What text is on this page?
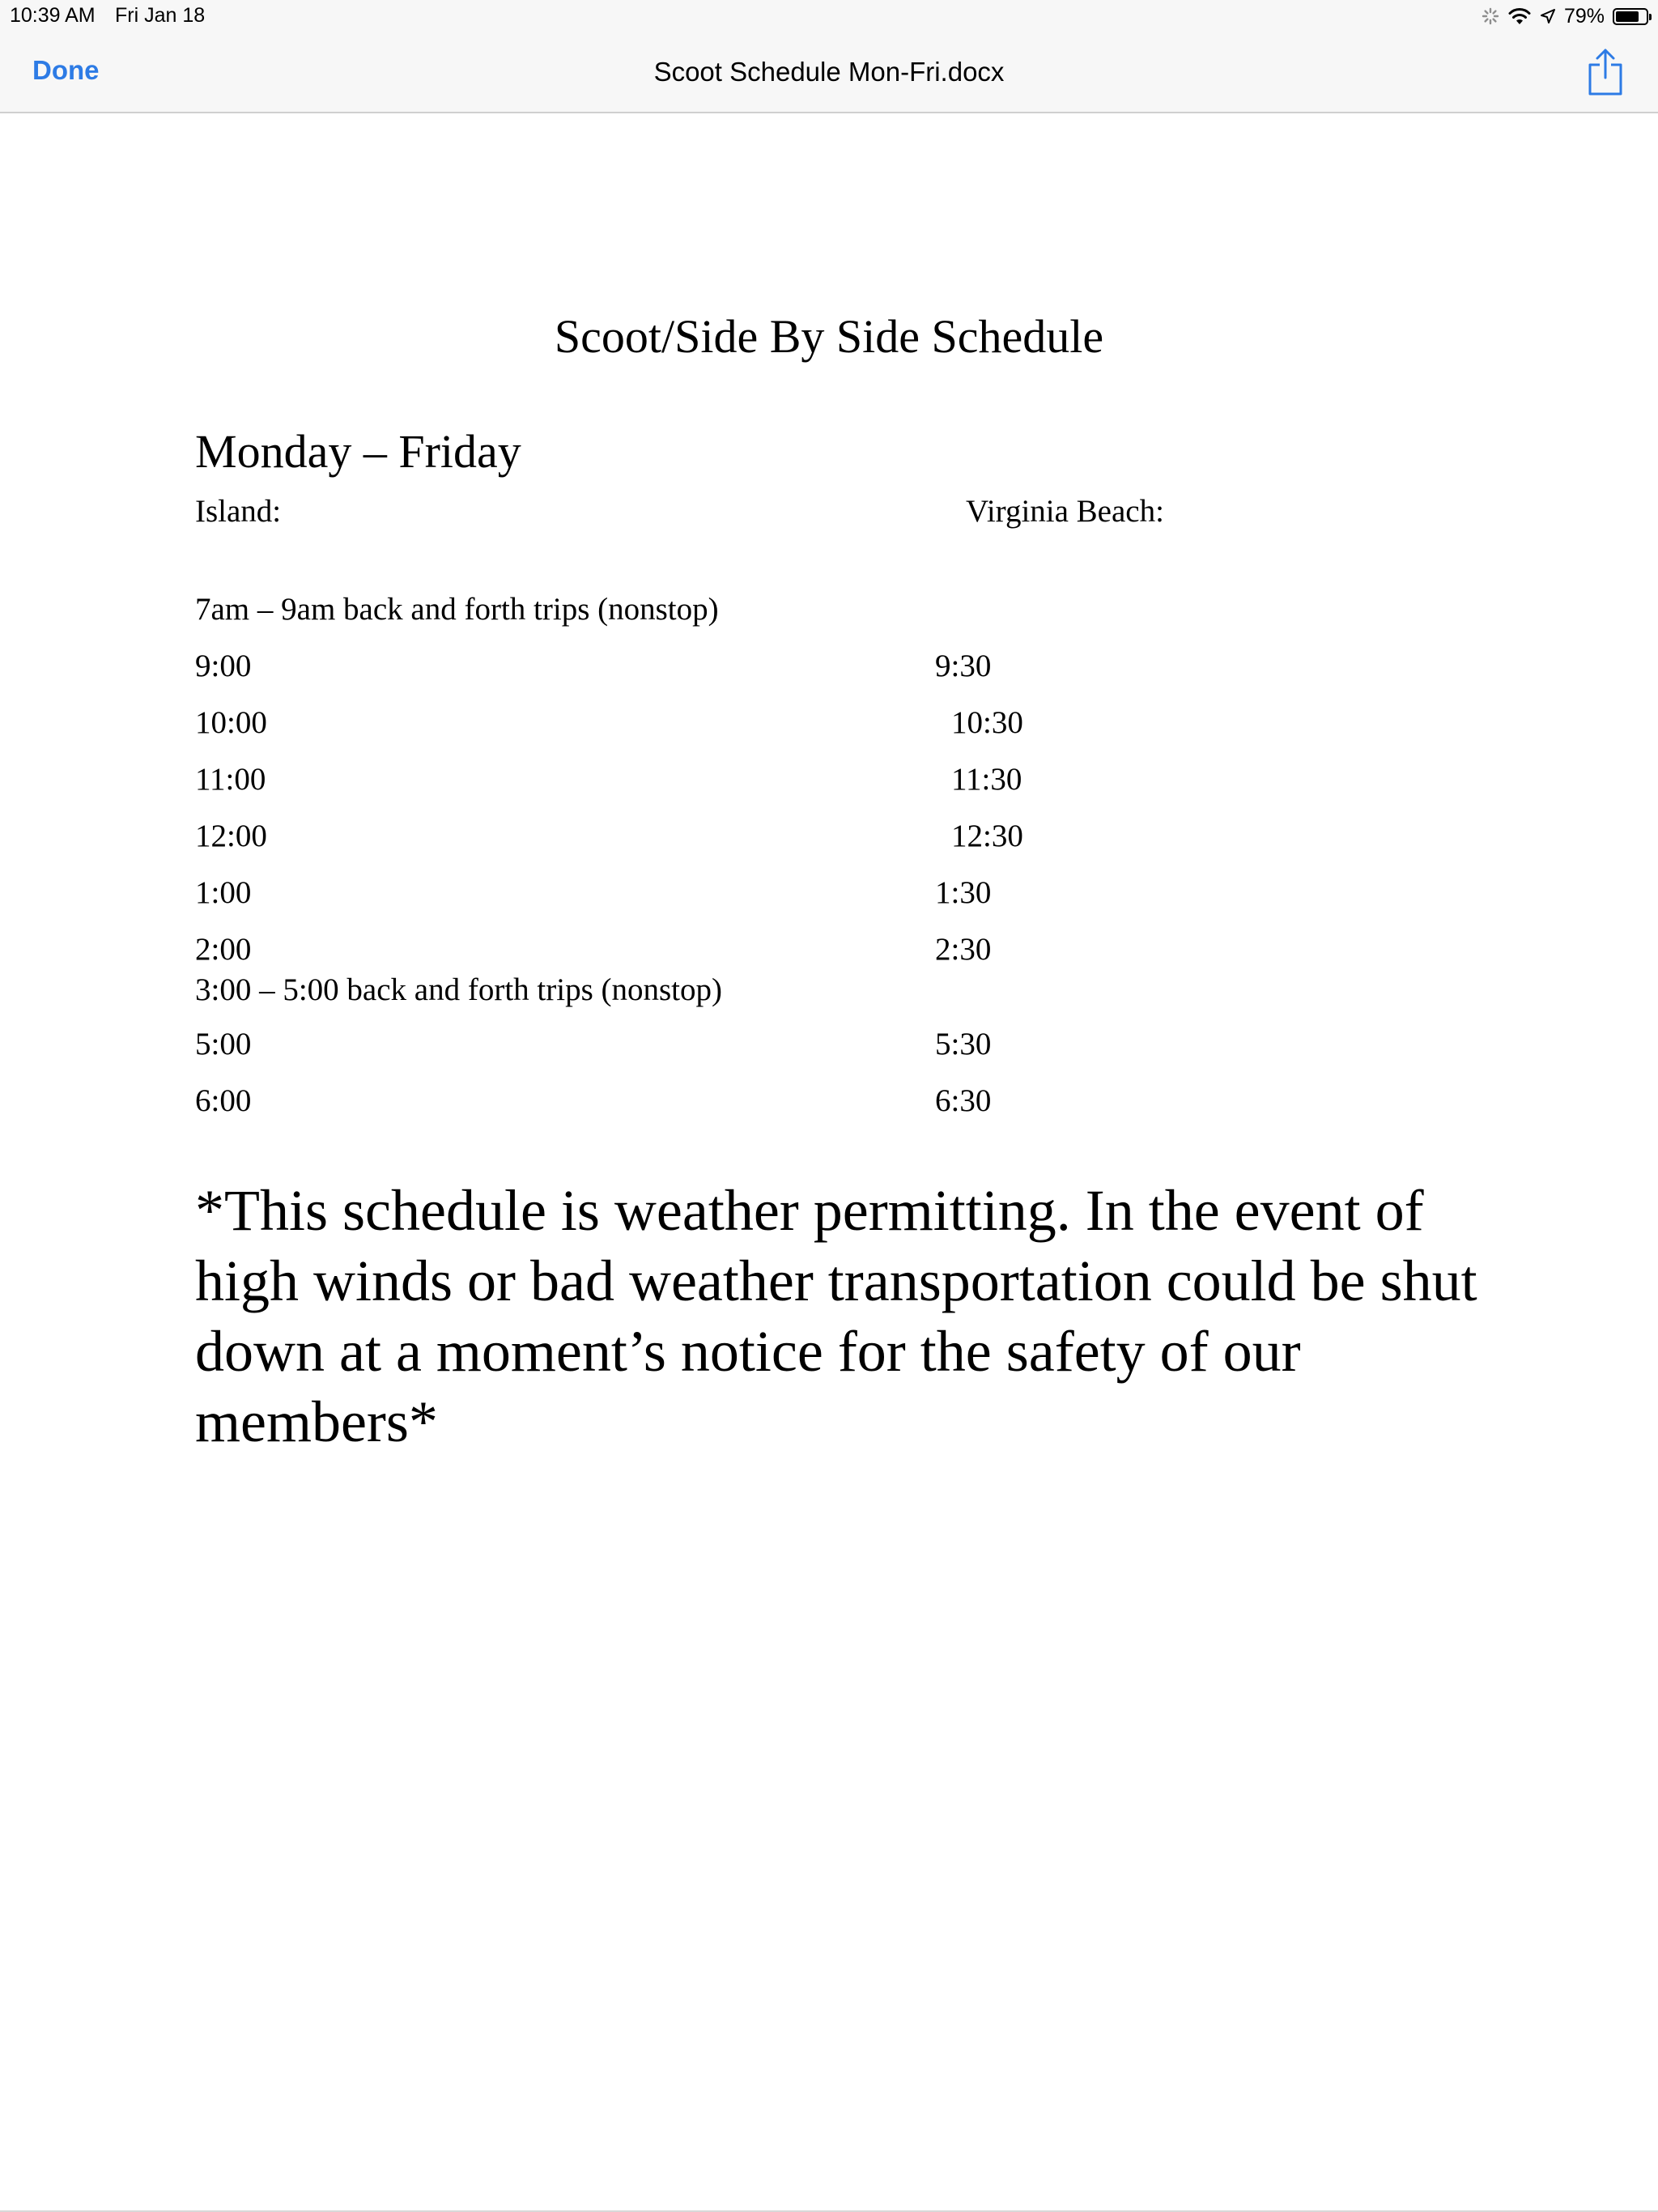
10:39 AM Fri Jan 18	79%
Done	Scoot Schedule Mon-Fri.docx
Scoot/Side By Side Schedule
Monday – Friday
Island:	Virginia Beach:
7am – 9am back and forth trips (nonstop)
9:00	9:30
10:00	10:30
11:00	11:30
12:00	12:30
1:00	1:30
2:00	2:30
3:00 – 5:00 back and forth trips (nonstop)
5:00	5:30
6:00	6:30
*This schedule is weather permitting. In the event of high winds or bad weather transportation could be shut down at a moment’s notice for the safety of our members*
